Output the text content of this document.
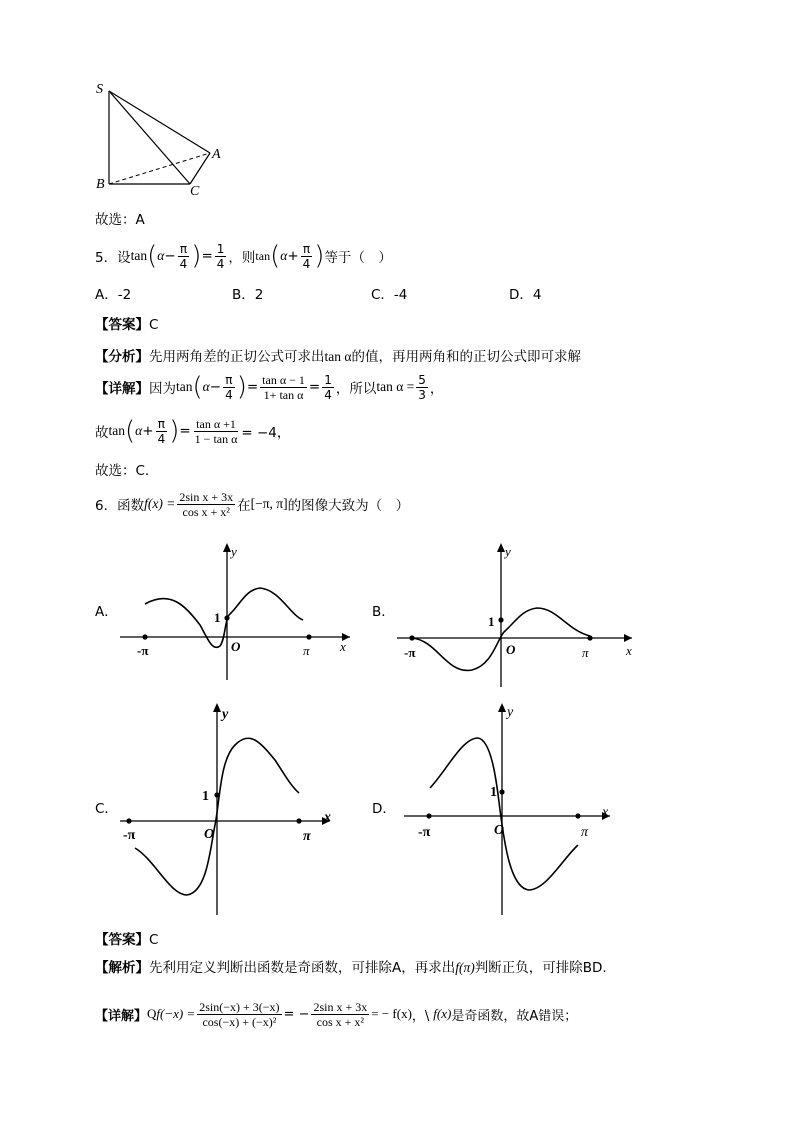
S
A
B	C
故选：A
5．设 tan ( $\alpha - \frac{\pi}{4}$ ) = $\frac{1}{4}$ ，则 tan ( $\alpha + \frac{\pi}{4}$ ) 等于（　）
A．-2	B．2	C．-4	D．4
【答案】C
【分析】先用两角差的正切公式可求出tan α的值，再用两角和的正切公式即可求解
【详解】 因为 tan ( $\alpha - \frac{\pi}{4}$ ) = $\frac{\text{tan α − 1}}{\text{1+ tan α}} = \frac{1}{4}$ ，所以 $\tan \alpha = \frac{5}{3}$ ，
故 tan ( $\alpha + \frac{\pi}{4}$ ) = $\frac{\text{tan α +1}}{\text{1 − tan α}} = -4$，
故选：C．
6．函数 $f(x) = \frac{\text{2sin x + 3x}}{\text{cos x + x²}}$ 在 [−π, π] 的图像大致为（　）
A．
y
x
1
O
-π	π
B．
y
x
1
O
-π	π
C．
y
x
1
O
-π	π
D．
y
x
1
O
-π	π
【答案】C
【解析】先利用定义判断出函数是奇函数，可排除A，再求出f(π)判断正负，可排除BD.
【详解】 Q $f(-x) = \frac{2\sin(-x) + 3(-x)}{\text{cos(−x) + (−x)²}}$ = − $\frac{\text{2sin x + 3x}}{\text{cos x + x²}}$ = − f(x) ，\ f(x) 是奇函数，故A错误；
